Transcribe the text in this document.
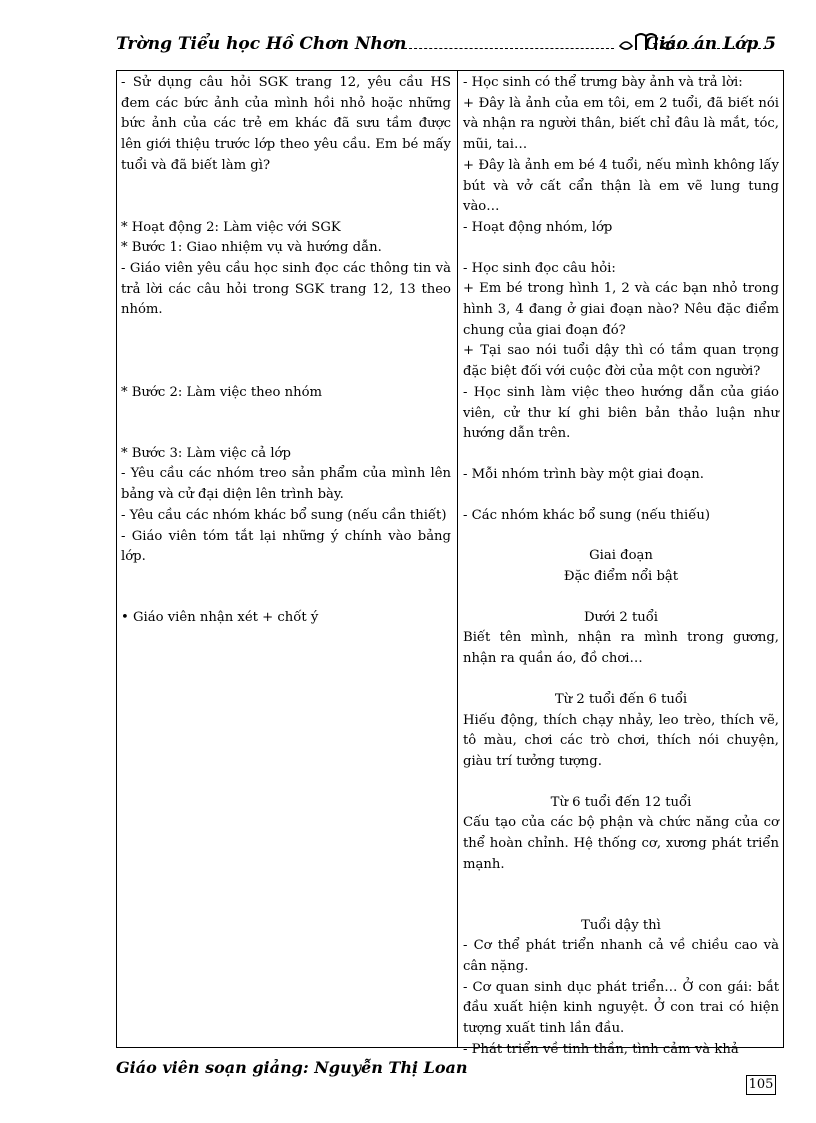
Trờng Tiểu học Hồ Chơn Nhơn	Giáo án Lớp 5

- Sử dụng câu hỏi SGK trang 12, yêu cầu HS đem các bức ảnh của mình hồi nhỏ hoặc những bức ảnh của các trẻ em khác đã sưu tầm được lên giới thiệu trước lớp theo yêu cầu. Em bé mấy tuổi và đã biết làm gì?

* Hoạt động 2: Làm việc với SGK

* Bước 1: Giao nhiệm vụ và hướng dẫn.

- Giáo viên yêu cầu học sinh đọc các thông tin và trả lời các câu hỏi trong SGK trang 12, 13 theo nhóm.

* Bước 2: Làm việc theo nhóm

* Bước 3: Làm việc cả lớp

- Yêu cầu các nhóm treo sản phẩm của mình lên bảng và cử đại diện lên trình bày.

- Yêu cầu các nhóm khác bổ sung (nếu cần thiết)

- Giáo viên tóm tắt lại những ý chính vào bảng lớp.

• Giáo viên nhận xét + chốt ý

- Học sinh có thể trưng bày ảnh và trả lời:

+ Đây là ảnh của em tôi, em 2 tuổi, đã biết nói và nhận ra người thân, biết chỉ đâu là mắt, tóc, mũi, tai…

+ Đây là ảnh em bé 4 tuổi, nếu mình không lấy bút và vở cất cẩn thận là em vẽ lung tung vào…

- Hoạt động nhóm, lớp

- Học sinh đọc câu hỏi:

+ Em bé trong hình 1, 2 và các bạn nhỏ trong hình 3, 4 đang ở giai đoạn nào? Nêu đặc điểm chung của giai đoạn đó?

+ Tại sao nói tuổi dậy thì có tầm quan trọng đặc biệt đối với cuộc đời của một con người?

- Học sinh làm việc theo hướng dẫn của giáo viên, cử thư kí ghi biên bản thảo luận như hướng dẫn trên.

- Mỗi nhóm trình bày một giai đoạn.

- Các nhóm khác bổ sung (nếu thiếu)

Giai đoạn

Đặc điểm nổi bật

Dưới 2 tuổi

Biết tên mình, nhận ra mình trong gương, nhận ra quần áo, đồ chơi…

Từ 2 tuổi đến 6 tuổi

Hiếu động, thích chạy nhảy, leo trèo, thích vẽ, tô màu, chơi các trò chơi, thích nói chuyện, giàu trí tưởng tượng.

Từ 6 tuổi đến 12 tuổi

Cấu tạo của các bộ phận và chức năng của cơ thể hoàn chỉnh. Hệ thống cơ, xương phát triển mạnh.

Tuổi dậy thì

- Cơ thể phát triển nhanh cả về chiều cao và cân nặng.

- Cơ quan sinh dục phát triển… Ở con gái: bắt đầu xuất hiện kinh nguyệt. Ở con trai có hiện tượng xuất tinh lần đầu.

- Phát triển về tinh thần, tình cảm và khả

Giáo viên soạn giảng: Nguyễn Thị Loan
105
